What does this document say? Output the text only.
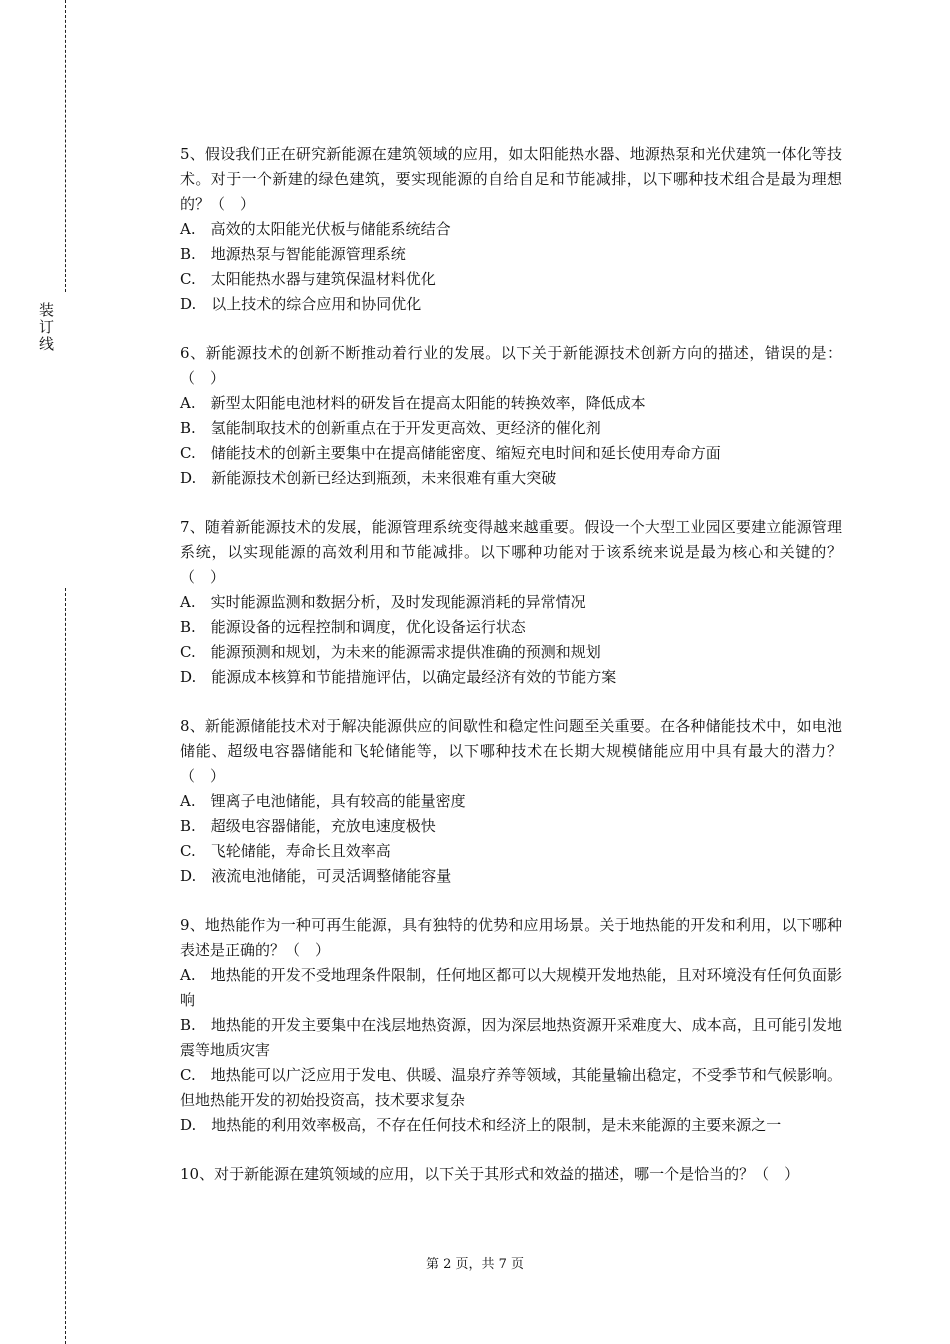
装订线

5、假设我们正在研究新能源在建筑领域的应用，如太阳能热水器、地源热泵和光伏建筑一体化等技术。对于一个新建的绿色建筑，要实现能源的自给自足和节能减排，以下哪种技术组合是最为理想的？（　）

A.　高效的太阳能光伏板与储能系统结合

B.　地源热泵与智能能源管理系统

C.　太阳能热水器与建筑保温材料优化

D.　以上技术的综合应用和协同优化

6、新能源技术的创新不断推动着行业的发展。以下关于新能源技术创新方向的描述，错误的是：（　）

A.　新型太阳能电池材料的研发旨在提高太阳能的转换效率，降低成本

B.　氢能制取技术的创新重点在于开发更高效、更经济的催化剂

C.　储能技术的创新主要集中在提高储能密度、缩短充电时间和延长使用寿命方面

D.　新能源技术创新已经达到瓶颈，未来很难有重大突破

7、随着新能源技术的发展，能源管理系统变得越来越重要。假设一个大型工业园区要建立能源管理系统，以实现能源的高效利用和节能减排。以下哪种功能对于该系统来说是最为核心和关键的？（　）

A.　实时能源监测和数据分析，及时发现能源消耗的异常情况

B.　能源设备的远程控制和调度，优化设备运行状态

C.　能源预测和规划，为未来的能源需求提供准确的预测和规划

D.　能源成本核算和节能措施评估，以确定最经济有效的节能方案

8、新能源储能技术对于解决能源供应的间歇性和稳定性问题至关重要。在各种储能技术中，如电池储能、超级电容器储能和飞轮储能等，以下哪种技术在长期大规模储能应用中具有最大的潜力？（　）

A.　锂离子电池储能，具有较高的能量密度

B.　超级电容器储能，充放电速度极快

C.　飞轮储能，寿命长且效率高

D.　液流电池储能，可灵活调整储能容量

9、地热能作为一种可再生能源，具有独特的优势和应用场景。关于地热能的开发和利用，以下哪种表述是正确的？（　）

A.　地热能的开发不受地理条件限制，任何地区都可以大规模开发地热能，且对环境没有任何负面影响

B.　地热能的开发主要集中在浅层地热资源，因为深层地热资源开采难度大、成本高，且可能引发地震等地质灾害

C.　地热能可以广泛应用于发电、供暖、温泉疗养等领域，其能量输出稳定，不受季节和气候影响。但地热能开发的初始投资高，技术要求复杂

D.　地热能的利用效率极高，不存在任何技术和经济上的限制，是未来能源的主要来源之一

10、对于新能源在建筑领域的应用，以下关于其形式和效益的描述，哪一个是恰当的？（　）

第 2 页，共 7 页
